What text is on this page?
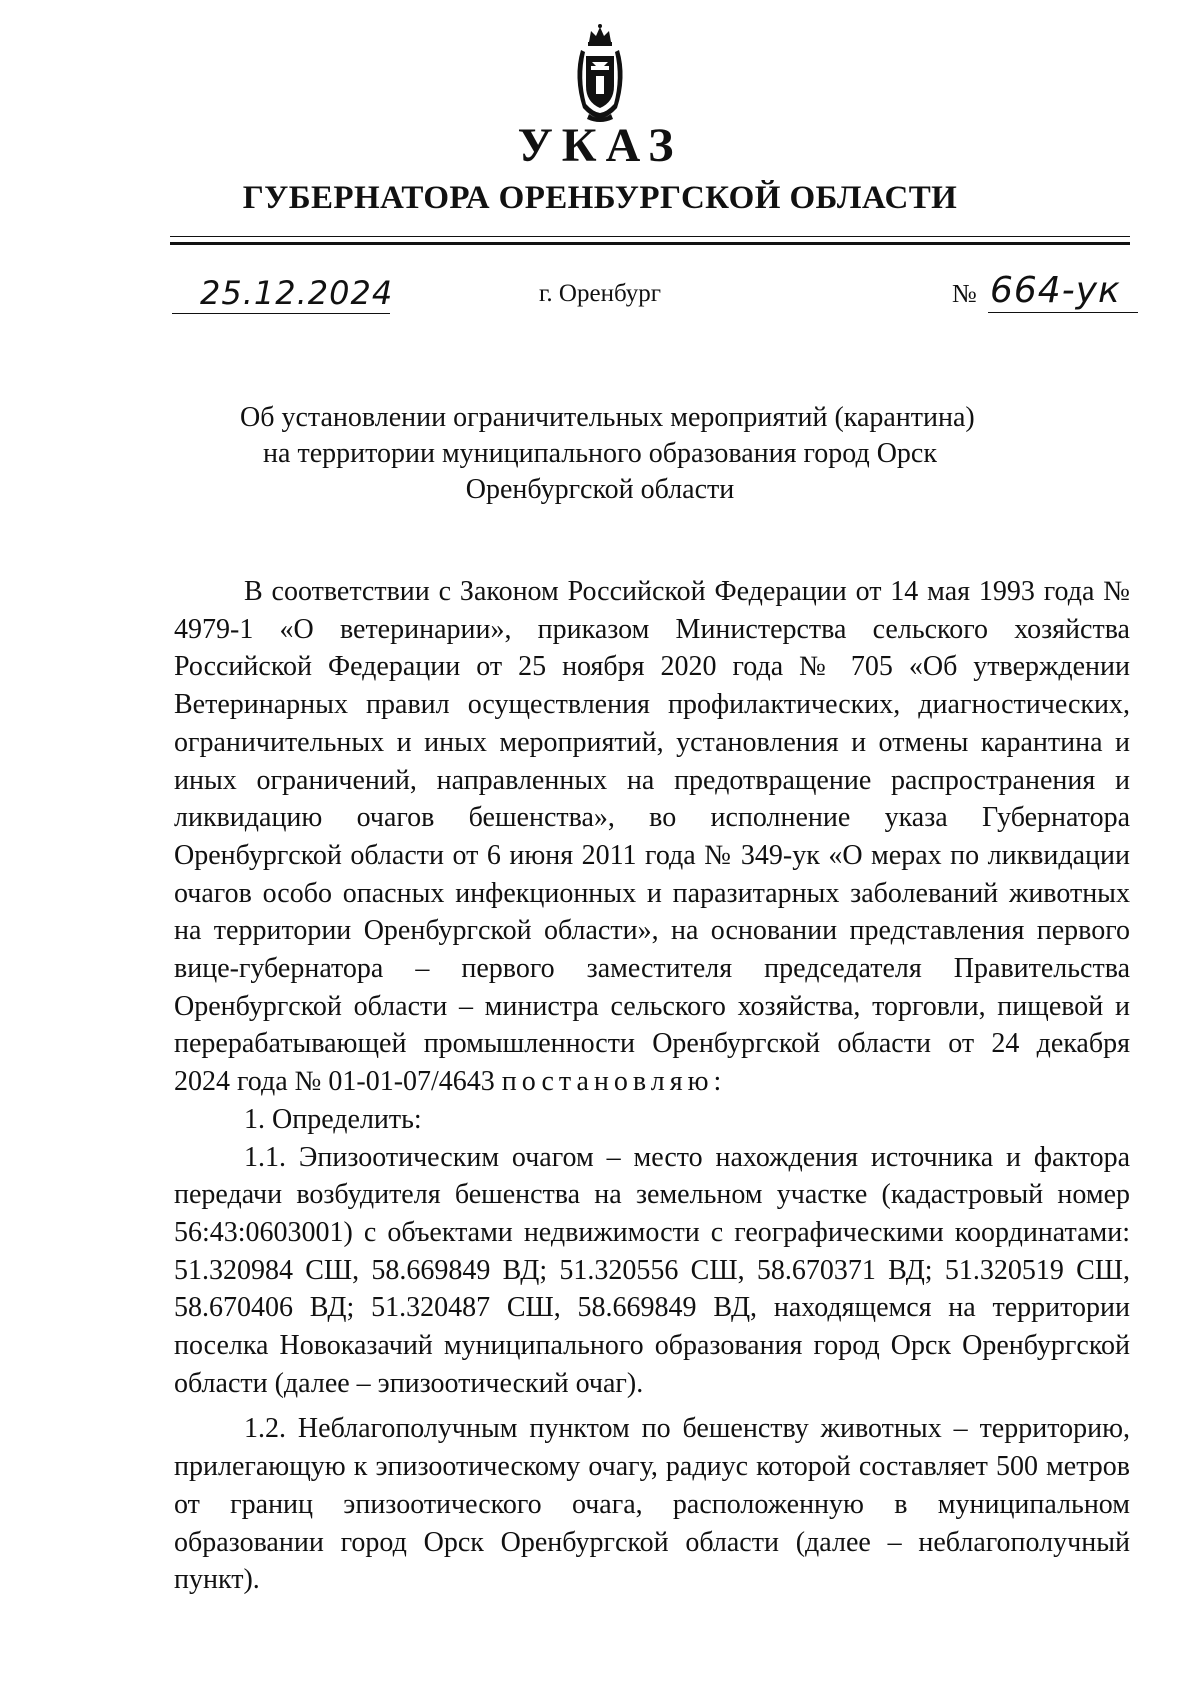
УКАЗ
ГУБЕРНАТОРА ОРЕНБУРГСКОЙ ОБЛАСТИ
25.12.2024	г. Оренбург	№ 664-ук
Об установлении ограничительных мероприятий (карантина)
на территории муниципального образования город Орск
Оренбургской области

В соответствии с Законом Российской Федерации от 14 мая 1993 года № 4979-1 «О ветеринарии», приказом Министерства сельского хозяйства Российской Федерации от 25 ноября 2020 года № 705 «Об утверждении Ветеринарных правил осуществления профилактических, диагностических, ограничительных и иных мероприятий, установления и отмены карантина и иных ограничений, направленных на предотвращение распространения и ликвидацию очагов бешенства», во исполнение указа Губернатора Оренбургской области от 6 июня 2011 года № 349-ук «О мерах по ликвидации очагов особо опасных инфекционных и паразитарных заболеваний животных на территории Оренбургской области», на основании представления первого вице-губернатора – первого заместителя председателя Правительства Оренбургской области – министра сельского хозяйства, торговли, пищевой и перерабатывающей промышленности Оренбургской области от 24 декабря 2024 года № 01-01-07/4643 постановляю:

1. Определить:

1.1. Эпизоотическим очагом – место нахождения источника и фактора передачи возбудителя бешенства на земельном участке (кадастровый номер 56:43:0603001) с объектами недвижимости с географическими координатами: 51.320984 СШ, 58.669849 ВД; 51.320556 СШ, 58.670371 ВД; 51.320519 СШ, 58.670406 ВД; 51.320487 СШ, 58.669849 ВД, находящемся на территории поселка Новоказачий муниципального образования город Орск Оренбургской области (далее – эпизоотический очаг).

1.2. Неблагополучным пунктом по бешенству животных – территорию, прилегающую к эпизоотическому очагу, радиус которой составляет 500 метров от границ эпизоотического очага, расположенную в муниципальном образовании город Орск Оренбургской области (далее – неблагополучный пункт).
